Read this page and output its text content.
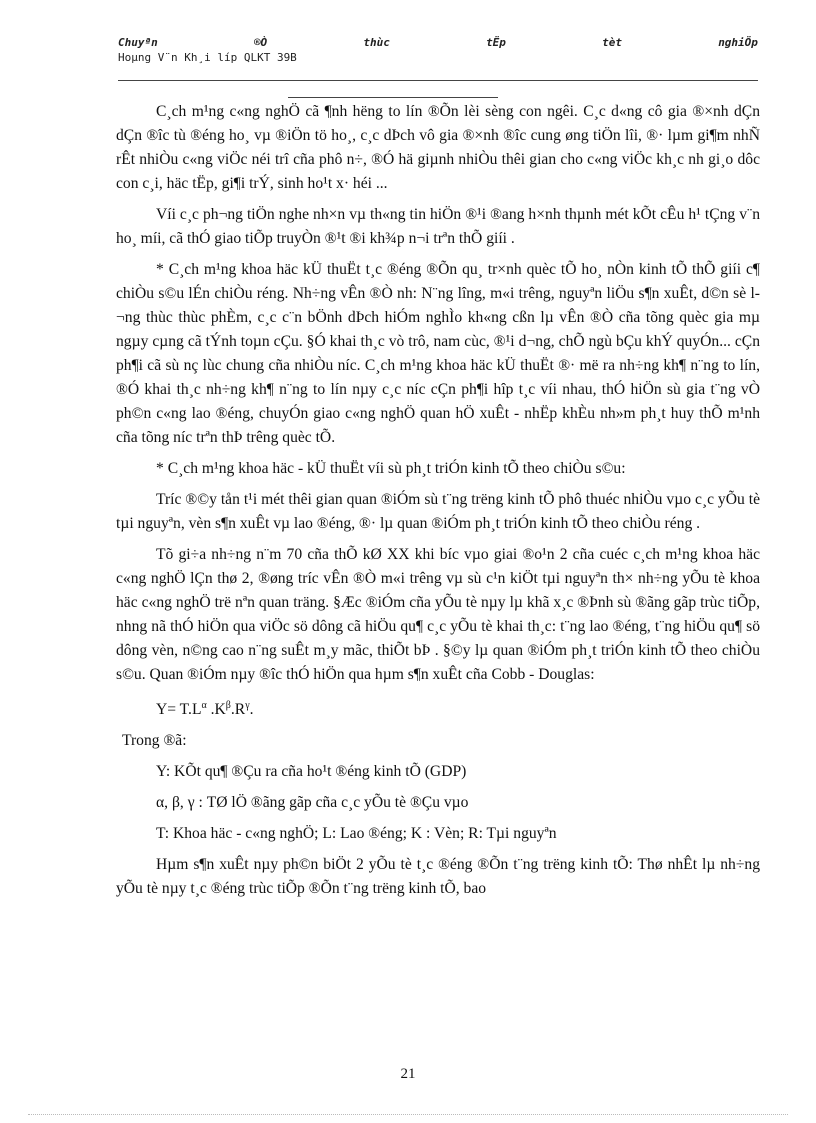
Chuyªn	®Ò	thùc	tËp	tèt	nghiÖp
Hoµng V¨n Kh¸i líp QLKT 39B

C¸ch m¹ng c«ng nghÖ cã ¶nh hëng to lín ®Õn lèi sèng con ngêi. C¸c d«ng cô gia ®×nh dÇn dÇn ®îc tù ®éng ho¸ vµ ®iÖn tö ho¸, c¸c dÞch vô gia ®×nh ®îc cung øng tiÖn lîi, ®· lµm gi¶m nhÑ rÊt nhiÒu c«ng viÖc néi trî cña phô n÷, ®Ó hä giµnh nhiÒu thêi gian cho c«ng viÖc kh¸c nh gi¸o dôc con c¸i, häc tËp, gi¶i trÝ, sinh ho¹t x· héi ...

Víi c¸c ph¬ng tiÖn nghe nh×n vµ th«ng tin hiÖn ®¹i ®ang h×nh thµnh mét kÕt cÊu h¹ tÇng v¨n ho¸ míi, cã thÓ giao tiÕp truyÒn ®¹t ®i kh¾p n¬i trªn thÕ giíi .

* C¸ch m¹ng khoa häc kÜ thuËt t¸c ®éng ®Õn qu¸ tr×nh quèc tÕ ho¸ nÒn kinh tÕ thÕ giíi c¶ chiÒu s©u lÉn chiÒu réng. Nh÷ng vÊn ®Ò nh: N¨ng lîng, m«i trêng, nguyªn liÖu s¶n xuÊt, d©n sè l¬ng thùc thùc phÈm, c¸c c¨n bÖnh dÞch hiÓm nghÌo kh«ng cßn lµ vÊn ®Ò cña tõng quèc gia mµ ngµy cµng cã tÝnh toµn cÇu. §Ó khai th¸c vò trô, nam cùc, ®¹i d¬ng, chÕ ngù bÇu khÝ quyÓn... cÇn ph¶i cã sù nç lùc chung cña nhiÒu níc. C¸ch m¹ng khoa häc kÜ thuËt ®· më ra nh÷ng kh¶ n¨ng to lín, ®Ó khai th¸c nh÷ng kh¶ n¨ng to lín nµy c¸c níc cÇn ph¶i hîp t¸c víi nhau, thÓ hiÖn sù gia t¨ng vÒ ph©n c«ng lao ®éng, chuyÓn giao c«ng nghÖ quan hÖ xuÊt - nhËp khÈu nh»m ph¸t huy thÕ m¹nh cña tõng níc trªn thÞ trêng quèc tÕ.

* C¸ch m¹ng khoa häc - kÜ thuËt víi sù ph¸t triÓn kinh tÕ theo chiÒu s©u:

Tríc ®©y tån t¹i mét thêi gian quan ®iÓm sù t¨ng trëng kinh tÕ phô thuéc nhiÒu vµo c¸c yÕu tè tµi nguyªn, vèn s¶n xuÊt vµ lao ®éng, ®· lµ quan ®iÓm ph¸t triÓn kinh tÕ theo chiÒu réng .

Tõ gi÷a nh÷ng n¨m 70 cña thÕ kØ XX khi bíc vµo giai ®o¹n 2 cña cuéc c¸ch m¹ng khoa häc c«ng nghÖ lÇn thø 2, ®øng tríc vÊn ®Ò m«i trêng vµ sù c¹n kiÖt tµi nguyªn th× nh÷ng yÕu tè khoa häc c«ng nghÖ trë nªn quan träng. §Æc ®iÓm cña yÕu tè nµy lµ khã x¸c ®Þnh sù ®ãng gãp trùc tiÕp, nhng nã thÓ hiÖn qua viÖc sö dông cã hiÖu qu¶ c¸c yÕu tè khai th¸c: t¨ng lao ®éng, t¨ng hiÖu qu¶ sö dông vèn, n©ng cao n¨ng suÊt m¸y mãc, thiÕt bÞ . §©y lµ quan ®iÓm ph¸t triÓn kinh tÕ theo chiÒu s©u. Quan ®iÓm nµy ®îc thÓ hiÖn qua hµm s¶n xuÊt cña Cobb - Douglas:

$Y= T.L^\alpha$ $.K^\beta.R^\gamma$.

Trong ®ã:

Y: KÕt qu¶ ®Çu ra cña ho¹t ®éng kinh tÕ (GDP)

α, β, γ : TØ lÖ ®ãng gãp cña c¸c yÕu tè ®Çu vµo

T: Khoa häc - c«ng nghÖ; L: Lao ®éng; K : Vèn; R: Tµi nguyªn

Hµm s¶n xuÊt nµy ph©n biÖt 2 yÕu tè t¸c ®éng ®Õn t¨ng trëng kinh tÕ: Thø nhÊt lµ nh÷ng yÕu tè nµy t¸c ®éng trùc tiÕp ®Õn t¨ng trëng kinh tÕ, bao

21
